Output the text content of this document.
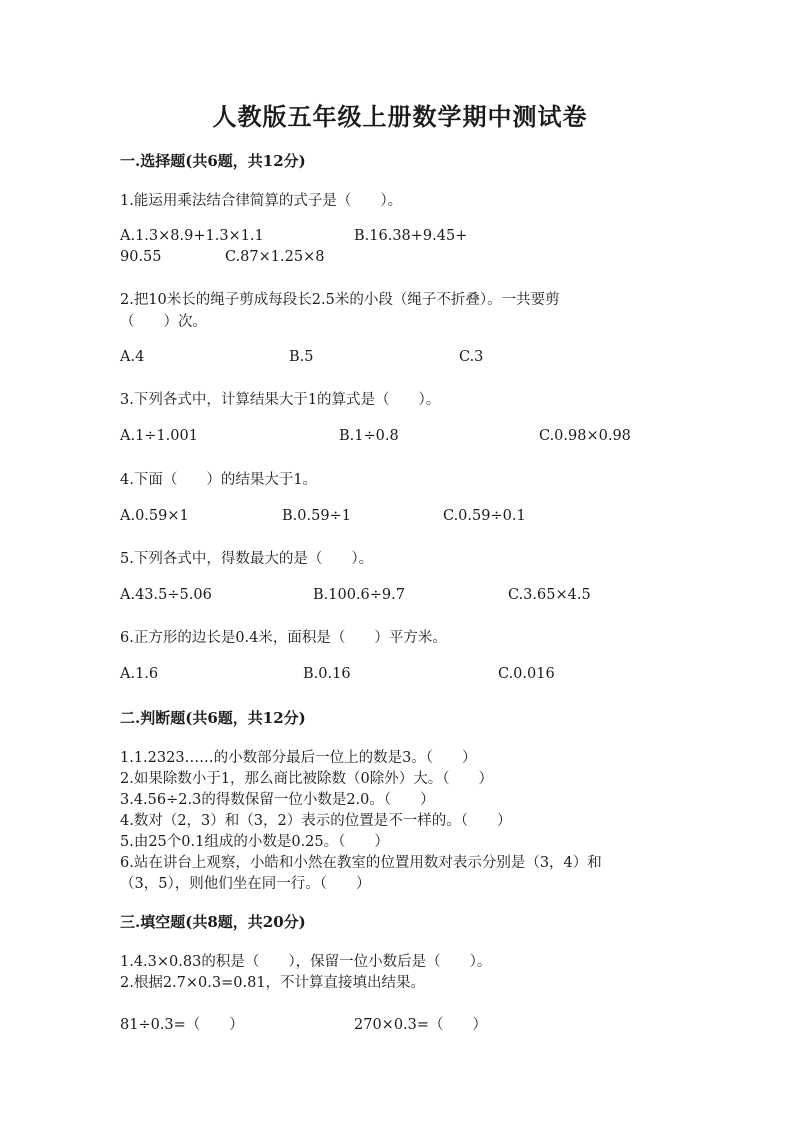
人教版五年级上册数学期中测试卷
一.选择题(共6题，共12分)
1.能运用乘法结合律简算的式子是（　　）。
A.1.3×8.9+1.3×1.1	B.16.38+9.45+
90.55	C.87×1.25×8
2.把10米长的绳子剪成每段长2.5米的小段（绳子不折叠）。一共要剪
（　　）次。
A.4	B.5	C.3
3.下列各式中，计算结果大于1的算式是（　　）。
A.1÷1.001	B.1÷0.8	C.0.98×0.98
4.下面（　　）的结果大于1。
A.0.59×1	B.0.59÷1	C.0.59÷0.1
5.下列各式中，得数最大的是（　　）。
A.43.5÷5.06	B.100.6÷9.7	C.3.65×4.5
6.正方形的边长是0.4米，面积是（　　）平方米。
A.1.6	B.0.16	C.0.016
二.判断题(共6题，共12分)
1.1.2323……的小数部分最后一位上的数是3。（　　）
2.如果除数小于1，那么商比被除数（0除外）大。（　　）
3.4.56÷2.3的得数保留一位小数是2.0。（　　）
4.数对（2，3）和（3，2）表示的位置是不一样的。（　　）
5.由25个0.1组成的小数是0.25。（　　）
6.站在讲台上观察，小皓和小然在教室的位置用数对表示分别是（3，4）和
（3，5），则他们坐在同一行。（　　）
三.填空题(共8题，共20分)
1.4.3×0.83的积是（　　），保留一位小数后是（　　）。
2.根据2.7×0.3=0.81，不计算直接填出结果。
81÷0.3=（　　）	270×0.3=（　　）
